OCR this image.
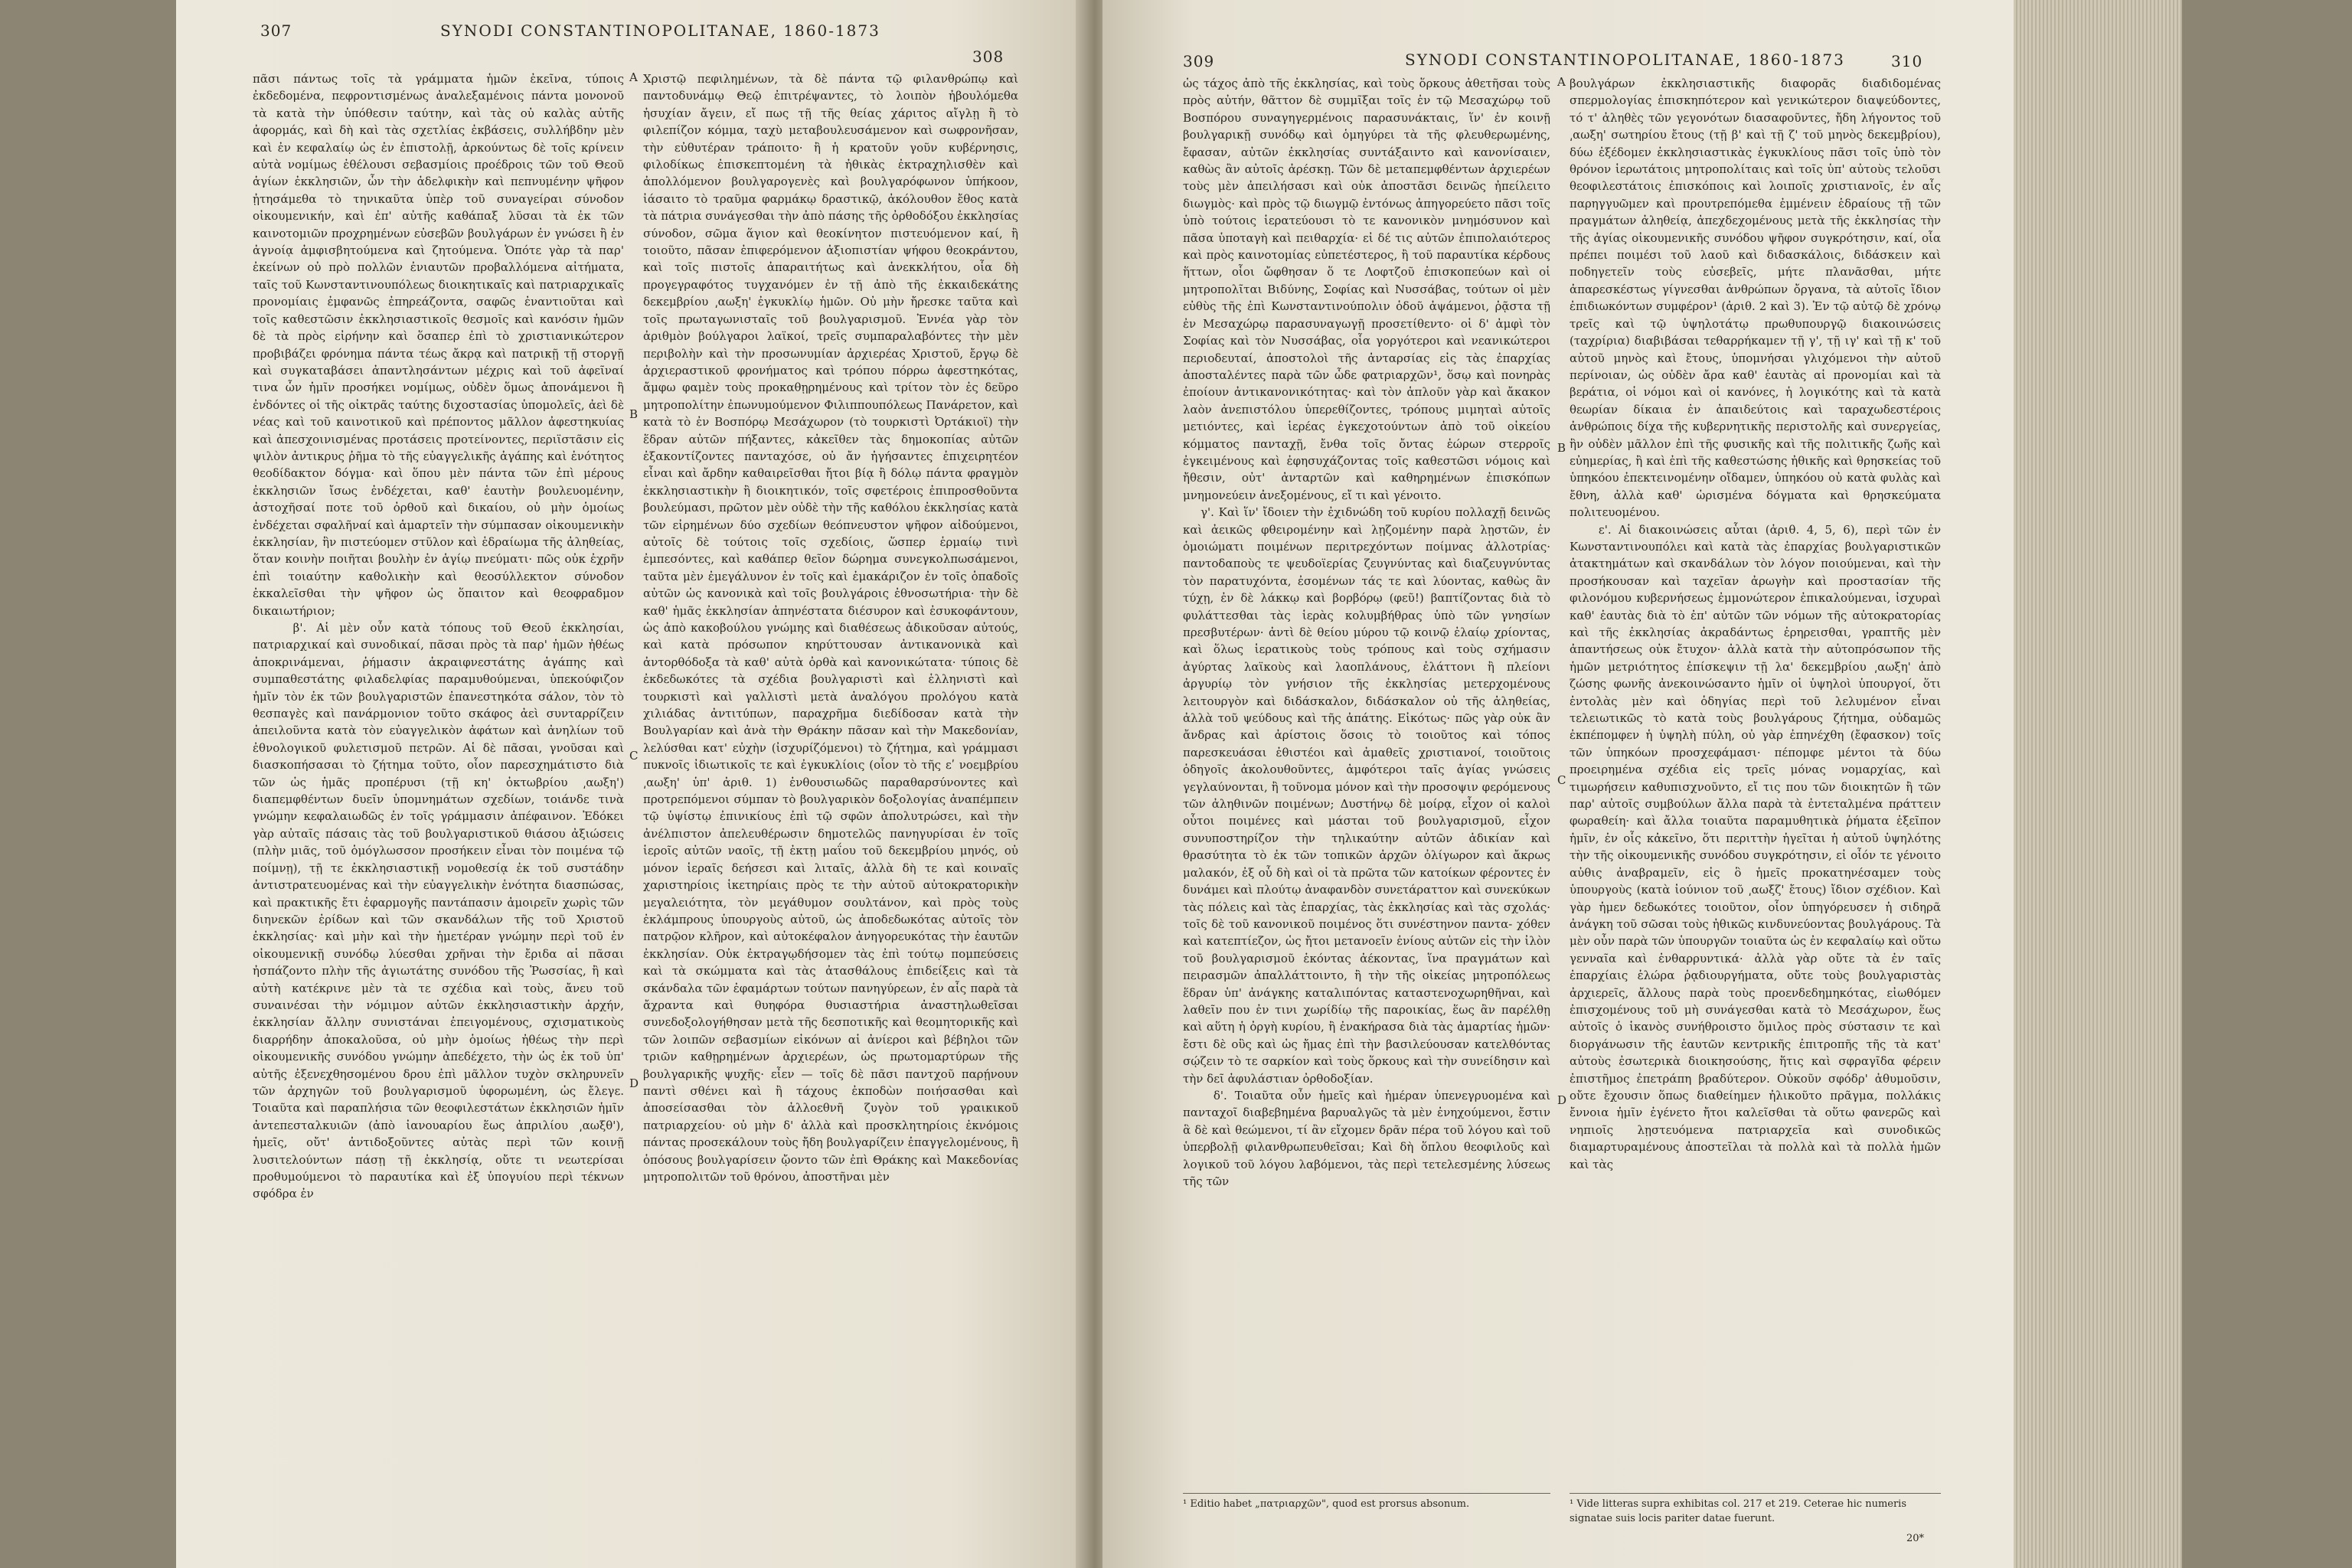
307	SYNODI CONSTANTINOPOLITANAE, 1860-1873
308
πᾶσι πάντως τοῖς τὰ γράμματα ἡμῶν ἐκεῖνα, τύποις ἐκδεδομένα, πεφροντισμένως ἀναλεξαμένοις πάντα μονονοῦ τὰ κατὰ τὴν ὑπόθεσιν ταύτην, καὶ τὰς οὐ καλὰς αὐτῆς ἀφορμάς, καὶ δὴ καὶ τὰς σχετλίας ἐκβάσεις, συλλήβδην μὲν καὶ ἐν κεφαλαίῳ ὡς ἐν ἐπιστολῇ, ἀρκούντως δὲ τοῖς κρίνειν αὐτὰ νομίμως ἐθέλουσι σεβασμίοις προέδροις τῶν τοῦ Θεοῦ ἁγίων ἐκκλησιῶν, ὧν τὴν ἀδελφικὴν καὶ πεπνυμένην ψῆφον ᾐτησάμεθα τὸ τηνικαῦτα ὑπὲρ τοῦ συναγείραι σύνοδον οἰκουμενικήν, καὶ ἐπ' αὐτῆς καθάπαξ λῦσαι τὰ ἐκ τῶν καινοτομιῶν προχρημένων εὐσεβῶν βουλγάρων ἐν γνώσει ἢ ἐν ἀγνοίᾳ ἀμφισβητούμενα καὶ ζητούμενα. Ὁπότε γὰρ τὰ παρ' ἐκείνων οὐ πρὸ πολλῶν ἐνιαυτῶν προβαλλόμενα αἰτήματα, ταῖς τοῦ Κωνσταντινουπόλεως διοικητικαῖς καὶ πατριαρχικαῖς προνομίαις ἐμφανῶς ἐπηρεάζοντα, σαφῶς ἐναντιοῦται καὶ τοῖς καθεστῶσιν ἐκκλησιαστικοῖς θεσμοῖς καὶ κανόσιν ἡμῶν δὲ τὰ πρὸς εἰρήνην καὶ ὅσαπερ ἐπὶ τὸ χριστιανικώτερον προβιβάζει φρόνημα πάντα τέως ἄκρᾳ καὶ πατρικῇ τῇ στοργῇ καὶ συγκαταβάσει ἀπαντλησάντων μέχρις καὶ τοῦ ἀφεῖναί τινα ὧν ἡμῖν προσήκει νομίμως, οὐδὲν ὅμως ἀπονάμενοι ἢ ἐνδόντες οἱ τῆς οἰκτρᾶς ταύτης διχοστασίας ὑπομολεῖς, ἀεὶ δὲ νέας καὶ τοῦ καινοτικοῦ καὶ πρέποντος μᾶλλον ἀφεστηκυίας καὶ ἀπεσχοινισμένας προτάσεις προτείνοντες, περιϊστᾶσιν εἰς ψιλὸν ἀντικρυς ῥῆμα τὸ τῆς εὐαγγελικῆς ἀγάπης καὶ ἑνότητος θεοδίδακτον δόγμα· καὶ ὅπου μὲν πάντα τῶν ἐπὶ μέρους ἐκκλησιῶν ἴσως ἐνδέχεται, καθ' ἑαυτὴν βουλευομένην, ἀστοχῆσαί ποτε τοῦ ὀρθοῦ καὶ δικαίου, οὐ μὴν ὁμοίως ἐνδέχεται σφαλῆναί καὶ ἁμαρτεῖν τὴν σύμπασαν οἰκουμενικὴν ἐκκλησίαν, ἣν πιστεύομεν στῦλον καὶ ἑδραίωμα τῆς ἀληθείας, ὅταν κοινὴν ποιῆται βουλὴν ἐν ἁγίῳ πνεύματι· πῶς οὐκ ἐχρῆν ἐπὶ τοιαύτην καθολικὴν καὶ θεοσύλλεκτον σύνοδον ἐκκαλεῖσθαι τὴν ψῆφον ὡς ὅπαιτον καὶ θεοφραδμον δικαιωτήριον;
β'. Αἱ μὲν οὖν κατὰ τόπους τοῦ Θεοῦ ἐκκλησίαι, πατριαρχικαί καὶ συνοδικαί, πᾶσαι πρὸς τὰ παρ' ἡμῶν ἠθέως ἀποκρινάμεναι, ῥήμασιν ἀκραιφνεστάτης ἀγάπης καὶ συμπαθεστάτης φιλαδελφίας παραμυθούμεναι, ὑπεκούφιζον ἡμῖν τὸν ἐκ τῶν βουλγαριστῶν ἐπανεστηκότα σάλον, τὸν τὸ θεσπαγὲς καὶ πανάρμονιον τοῦτο σκάφος ἀεὶ συνταρρίζειν ἀπειλοῦντα κατὰ τὸν εὐαγγελικὸν ἀφάτων καὶ ἀνηλίων τοῦ ἐθνολογικοῦ φυλετισμοῦ πετρῶν. Αἱ δὲ πᾶσαι, γνοῦσαι καὶ διασκοπήσασαι τὸ ζήτημα τοῦτο, οἷον παρεσχημάτιστο διὰ τῶν ὡς ἡμᾶς προπέρυσι (τῇ κη' ὀκτωβρίου ͵αωξη') διαπεμφθέντων δυεῖν ὑπομνημάτων σχεδίων, τοιάνδε τινὰ γνώμην κεφαλαιωδῶς ἐν τοῖς γράμμασιν ἀπέφαινον. Ἐδόκει γὰρ αὐταῖς πάσαις τὰς τοῦ βουλγαριστικοῦ θιάσου ἀξιώσεις (πλὴν μιᾶς, τοῦ ὁμόγλωσσον προσήκειν εἶναι τὸν ποιμένα τῷ ποίμνῃ), τῇ τε ἐκκλησιαστικῇ νομοθεσίᾳ ἐκ τοῦ συστάδην ἀντιστρατευομένας καὶ τὴν εὐαγγελικὴν ἑνότητα διασπώσας, καὶ πρακτικῆς ἔτι ἐφαρμογῆς παντάπασιν ἀμοιρεῖν χωρὶς τῶν διηνεκῶν ἐρίδων καὶ τῶν σκανδάλων τῆς τοῦ Χριστοῦ ἐκκλησίας· καὶ μὴν καὶ τὴν ἡμετέραν γνώμην περὶ τοῦ ἐν οἰκουμενικῇ συνόδῳ λύεσθαι χρῆναι τὴν ἔριδα αἱ πᾶσαι ἠσπάζοντο πλὴν τῆς ἁγιωτάτης συνόδου τῆς Ῥωσσίας, ἢ καὶ αὐτὴ κατέκρινε μὲν τὰ τε σχέδια καὶ τοὺς, ἄνευ τοῦ συναινέσαι τὴν νόμιμον αὐτῶν ἐκκλησιαστικὴν ἀρχήν, ἐκκλησίαν ἄλλην συνιστάναι ἐπειγομένους, σχισματικοὺς διαρρήδην ἀποκαλοῦσα, οὐ μὴν ὁμοίως ἠθέως τὴν περὶ οἰκουμενικῆς συνόδου γνώμην ἀπεδέχετο, τὴν ὡς ἐκ τοῦ ὑπ' αὐτῆς ἐξενεχθησομένου δρου ἐπὶ μᾶλλον τυχὸν σκληρυνεῖν τῶν ἀρχηγῶν τοῦ βουλγαρισμοῦ ὑφορωμένη, ὡς ἔλεγε. Τοιαῦτα καὶ παραπλήσια τῶν θεοφιλεστάτων ἐκκλησιῶν ἡμῖν ἀντεπεσταλκυιῶν (ἀπὸ ἰανουαρίου ἕως ἀπριλίου ͵αωξθ'), ἡμεῖς, οὔτ' ἀντιδοξοῦντες αὐτὰς περὶ τῶν κοινῇ λυσιτελούντων πάσῃ τῇ ἐκκλησίᾳ, οὔτε τι νεωτερίσαι προθυμούμενοι τὸ παραυτίκα καὶ ἐξ ὑπογυίου περὶ τέκνων σφόδρα ἐν
Χριστῷ πεφιλημένων, τὰ δὲ πάντα τῷ φιλανθρώπῳ καὶ παντοδυνάμῳ Θεῷ ἐπιτρέψαντες, τὸ λοιπὸν ἠβουλόμεθα ἡσυχίαν ἄγειν, εἴ πως τῇ τῆς θείας χάριτος αἴγλῃ ἢ τὸ φιλεπίζον κόμμα, ταχὺ μεταβουλευσάμενον καὶ σωφρονῆσαν, τὴν εὐθυτέραν τράποιτο· ἢ ἡ κρατοῦν γοῦν κυβέρνησις, φιλοδίκως ἐπισκεπτομένη τὰ ἠθικὰς ἐκτραχηλισθὲν καὶ ἀπολλόμενον βουλγαρογενὲς καὶ βουλγαρόφωνον ὑπήκοον, ἰάσαιτο τὸ τραῦμα φαρμάκῳ δραστικῷ, ἀκόλουθον ἔθος κατὰ τὰ πάτρια συνάγεσθαι τὴν ἀπὸ πάσης τῆς ὀρθοδόξου ἐκκλησίας σύνοδον, σῶμα ἅγιον καὶ θεοκίνητον πιστευόμενον καί, ἢ τοιοῦτο, πᾶσαν ἐπιφερόμενον ἀξιοπιστίαν ψήφου θεοκράντου, καὶ τοῖς πιστοῖς ἀπαραιτήτως καὶ ἀνεκκλήτου, οἷα δὴ προγεγραφότος τυγχανόμεν ἐν τῇ ἀπὸ τῆς ἐκκαιδεκάτης δεκεμβρίου ͵αωξη' ἐγκυκλίῳ ἡμῶν. Οὐ μὴν ἤρεσκε ταῦτα καὶ τοῖς πρωταγωνισταῖς τοῦ βουλγαρισμοῦ. Ἐννέα γὰρ τὸν ἀριθμὸν βούλγαροι λαϊκοί, τρεῖς συμπαραλαβόντες τὴν μὲν περιβολὴν καὶ τὴν προσωνυμίαν ἀρχιερέας Χριστοῦ, ἔργῳ δὲ ἀρχιεραστικοῦ φρονήματος καὶ τρόπου πόρρω ἀφεστηκότας, ἄμφω φαμὲν τοὺς προκαθῃρημένους καὶ τρίτον τὸν ἐς δεῦρο μητροπολίτην ἐπωνυμούμενον Φιλιππουπόλεως Πανάρετον, καὶ κατὰ τὸ ἐν Βοσπόρῳ Μεσάχωρον (τὸ τουρκιστὶ Ὀρτάκιοϊ) τὴν ἕδραν αὐτῶν πήξαντες, κἀκεῖθεν τὰς δημοκοπίας αὐτῶν ἐξακοντίζοντες πανταχόσε, οὐ ἄν ἠγήσαντες ἐπιχειρητέον εἶναι καὶ ἄρδην καθαιρεῖσθαι ἤτοι βίᾳ ἢ δόλῳ πάντα φραγμὸν ἐκκλησιαστικὴν ἢ διοικητικόν, τοῖς σφετέροις ἐπιπροσθοῦντα βουλεύμασι, πρῶτον μὲν οὐδὲ τὴν τῆς καθόλου ἐκκλησίας κατὰ τῶν εἰρημένων δύο σχεδίων θεόπνευστον ψῆφον αἰδούμενοι, αὐτοῖς δὲ τούτοις τοῖς σχεδίοις, ὥσπερ ἑρμαίῳ τινὶ ἐμπεσόντες, καὶ καθάπερ θεῖον δώρημα συνεγκολπωσάμενοι, ταῦτα μὲν ἐμεγάλυνον ἐν τοῖς καὶ ἐμακάριζον ἐν τοῖς ὁπαδοῖς αὐτῶν ὡς κανονικὰ καὶ τοῖς βουλγάροις ἐθνοσωτήρια· τὴν δὲ καθ' ἡμᾶς ἐκκλησίαν ἀπηνέστατα διέσυρον καὶ ἐσυκοφάντουν, ὡς ἀπὸ κακοβούλου γνώμης καὶ διαθέσεως ἀδικοῦσαν αὐτούς, καὶ κατὰ πρόσωπον κηρύττουσαν ἀντικανονικὰ καὶ ἀντορθόδοξα τὰ καθ' αὐτὰ ὀρθὰ καὶ κανονικώτατα· τύποις δὲ ἐκδεδωκότες τὰ σχέδια βουλγαριστὶ καὶ ἑλληνιστὶ καὶ τουρκιστὶ καὶ γαλλιστὶ μετὰ ἀναλόγου προλόγου κατὰ χιλιάδας ἀντιτύπων, παραχρῆμα διεδίδοσαν κατὰ τὴν Βουλγαρίαν καὶ ἀνὰ τὴν Θράκην πᾶσαν καὶ τὴν Μακεδονίαν, λελύσθαι κατ' εὐχὴν (ἰσχυρίζόμενοι) τὸ ζήτημα, καὶ γράμμασι πυκνοῖς ἰδιωτικοῖς τε καὶ ἐγκυκλίοις (οἷον τὸ τῆς εʹ νοεμβρίου ͵αωξη' ὑπ' ἀριθ. 1) ἐνθουσιωδῶς παραθαρσύνοντες καὶ προτρεπόμενοι σύμπαν τὸ βουλγαρικὸν δοξολογίας ἀναπέμπειν τῷ ὑψίστῳ ἐπινικίους ἐπὶ τῷ σφῶν ἀπολυτρώσει, καὶ τὴν ἀνέλπιστον ἀπελευθέρωσιν δημοτελῶς πανηγυρίσαι ἐν τοῖς ἱεροῖς αὐτῶν ναοῖς, τῇ ἐκτῃ μαΐου τοῦ δεκεμβρίου μηνός, οὐ μόνον ἱεραῖς δεήσεσι καὶ λιταῖς, ἀλλὰ δὴ τε καὶ κοιναῖς χαριστηρίοις ἱκετηρίαις πρὸς τε τὴν αὐτοῦ αὐτοκρατορικὴν μεγαλειότητα, τὸν μεγάθυμον σουλτάνον, καὶ πρὸς τοὺς ἐκλάμπρους ὑπουργοὺς αὐτοῦ, ὡς ἀποδεδωκότας αὐτοῖς τὸν πατρῷον κλῆρον, καὶ αὐτοκέφαλον ἀνηγορευκότας τὴν ἑαυτῶν ἐκκλησίαν. Οὐκ ἐκτραγῳδήσομεν τὰς ἐπὶ τούτῳ πομπεύσεις καὶ τὰ σκώμματα καὶ τὰς ἀτασθάλους ἐπιδείξεις καὶ τὰ σκάνδαλα τῶν ἐφαμάρτων τούτων πανηγύρεων, ἐν αἷς παρὰ τὰ ἄχραντα καὶ θυηφόρα θυσιαστήρια ἀναστηλωθεῖσαι συνεδοξολογήθησαν μετὰ τῆς δεσποτικῆς καὶ θεομητορικῆς καὶ τῶν λοιπῶν σεβασμίων εἰκόνων αἱ ἀνίεροι καὶ βέβηλοι τῶν τριῶν καθῃρημένων ἀρχιερέων, ὡς πρωτομαρτύρων τῆς βουλγαρικῆς ψυχῆς· εἶεν — τοῖς δὲ πᾶσι παντχοῦ παρῄνουν παντὶ σθένει καὶ ἢ τάχους ἐκποδὼν ποιήσασθαι καὶ ἀποσείσασθαι τὸν ἀλλοεθνῆ ζυγὸν τοῦ γραικικοῦ πατριαρχείου· οὐ μὴν δ' ἀλλὰ καὶ προσκλητηρίοις ἐκνόμοις πάντας προσεκάλουν τοὺς ἤδη βουλγαρίζειν ἐπαγγελομένους, ἢ ὁπόσους βουλγαρίσειν ᾤοντο τῶν ἐπὶ Θράκης καὶ Μακεδονίας μητροπολιτῶν τοῦ θρόνου, ἀποστῆναι μὲν
A
B
C
D
309	SYNODI CONSTANTINOPOLITANAE, 1860-1873	310
ὡς τάχος ἀπὸ τῆς ἐκκλησίας, καὶ τοὺς ὅρκους ἀθετῆσαι τοὺς πρὸς αὐτήν, θᾶττον δὲ συμμῖξαι τοῖς ἐν τῷ Μεσαχώρῳ τοῦ Βοσπόρου συναγηγερμένοις παρασυνάκταις, ἵν' ἐν κοινῇ βουλγαρικῇ συνόδῳ καὶ ὁμηγύρει τὰ τῆς φλευθερωμένης, ἔφασαν, αὐτῶν ἐκκλησίας συντάξαιντο καὶ κανονίσαιεν, καθὼς ἂν αὐτοῖς ἀρέσκῃ. Τῶν δὲ μεταπεμφθέντων ἀρχιερέων τοὺς μὲν ἀπειλήσασι καὶ οὐκ ἀποστᾶσι δεινῶς ἠπείλειτο διωγμὸς· καὶ πρὸς τῷ διωγμῷ ἐντόνως ἀπηγορεύετο πᾶσι τοῖς ὑπὸ τούτοις ἱερατεύουσι τὸ τε κανονικὸν μνημόσυνον καὶ πᾶσα ὑποταγὴ καὶ πειθαρχία· εἰ δέ τις αὐτῶν ἐπιπολαιότερος καὶ πρὸς καινοτομίας εὐπετέστερος, ἢ τοῦ παραυτίκα κέρδους ἥττων, οἷοι ὤφθησαν ὅ τε Λοφτζοῦ ἐπισκοπεύων καὶ οἱ μητροπολῖται Βιδύνης, Σοφίας καὶ Νυσσάβας, τούτων οἱ μὲν εὐθὺς τῆς ἐπὶ Κωνσταντινούπολιν ὁδοῦ ἀψάμενοι, ῥᾷστα τῇ ἐν Μεσαχώρῳ παρασυναγωγῇ προσετίθεντο· οἱ δ' ἀμφὶ τὸν Σοφίας καὶ τὸν Νυσσάβας, οἷα γοργότεροι καὶ νεανικώτεροι περιοδευταί, ἀποστολοὶ τῆς ἀνταρσίας εἰς τὰς ἐπαρχίας ἀποσταλέντες παρὰ τῶν ὧδε φατριαρχῶν¹, ὅσῳ καὶ πονηρὰς ἐποίουν ἀντικανονικότητας· καὶ τὸν ἁπλοῦν γὰρ καὶ ἄκακον λαὸν ἀνεπιστόλου ὑπερεθίζοντες, τρόπους μιμηταὶ αὐτοῖς μετιόντες, καὶ ἱερέας ἐγκεχοτούντων ἀπὸ τοῦ οἰκείου κόμματος πανταχῇ, ἔνθα τοῖς ὄντας ἑώρων στερροῖς ἐγκειμένους καὶ ἐφησυχάζοντας τοῖς καθεστῶσι νόμοις καὶ ἤθεσιν, οὐτ' ἀνταρτῶν καὶ καθηρημένων ἐπισκόπων μνημονεύειν ἀνεξομένους, εἴ τι καὶ γένοιτο.
γ'. Καὶ ἵν' ἴδοιεν τὴν ἐχιδνώδη τοῦ κυρίου πολλαχῇ δεινῶς καὶ ἀεικῶς φθειρομένην καὶ λῃζομένην παρὰ λῃστῶν, ἐν ὁμοιώματι ποιμένων περιτρεχόντων ποίμνας ἀλλοτρίας· παντοδαποὺς τε ψευδοϊερίας ζευγνύντας καὶ διαζευγνύντας τὸν παρατυχόντα, ἐσομένων τάς τε καὶ λύοντας, καθὼς ἂν τύχῃ, ἐν δὲ λάκκῳ καὶ βορβόρῳ (φεῦ!) βαπτίζοντας διὰ τὸ φυλάττεσθαι τὰς ἱερὰς κολυμβήθρας ὑπὸ τῶν γνησίων πρεσβυτέρων· ἀντὶ δὲ θείου μύρου τῷ κοινῷ ἐλαίῳ χρίοντας, καὶ ὅλως ἱερατικοὺς τοὺς τρόπους καὶ τοὺς σχήμασιν ἀγύρτας λαϊκοὺς καὶ λαοπλάνους, ἐλάττονι ἢ πλείονι ἀργυρίῳ τὸν γνήσιον τῆς ἐκκλησίας μετερχομένους λειτουργὸν καὶ διδάσκαλον, διδάσκαλον οὐ τῆς ἀληθείας, ἀλλὰ τοῦ ψεύδους καὶ τῆς ἀπάτης. Εἰκότως· πῶς γὰρ οὐκ ἂν ἄνδρας καὶ ἀρίστοις ὅσοις τὸ τοιοῦτος καὶ τόπος παρεσκευάσαι ἐθιστέοι καὶ ἀμαθεῖς χριστιανοί, τοιοῦτοις ὁδηγοῖς ἀκολουθοῦντες, ἀμφότεροι ταῖς ἁγίας γνώσεις γεγλαύνονται, ἢ τοῦνομα μόνον καὶ τὴν προσοψιν φερόμενους τῶν ἀληθινῶν ποιμένων; Δυστήνῳ δὲ μοίρᾳ, εἶχον οἱ καλοὶ οὗτοι ποιμένες καὶ μάσται τοῦ βουλγαρισμοῦ, εἶχον συνυποστηρίζον τὴν τηλικαύτην αὐτῶν ἀδικίαν καὶ θρασύτητα τὸ ἐκ τῶν τοπικῶν ἀρχῶν ὀλίγωρον καὶ ἄκρως μαλακόν, ἐξ οὗ δὴ καὶ οἱ τὰ πρῶτα τῶν κατοίκων φέροντες ἐν δυνάμει καὶ πλούτῳ ἀναφανδὸν συνετάραττον καὶ συνεκύκων τὰς πόλεις καὶ τὰς ἐπαρχίας, τὰς ἐκκλησίας καὶ τὰς σχολάς· τοῖς δὲ τοῦ κανονικοῦ ποιμένος ὅτι συνέστηνον παντα- χόθεν καὶ κατεπτίεζον, ὡς ἤτοι μετανοεῖν ἐνίους αὐτῶν εἰς τὴν ἰλὸν τοῦ βουλγαρισμοῦ ἑκόντας ἀέκοντας, ἵνα πραγμάτων καὶ πειρασμῶν ἀπαλλάττοιντο, ἢ τὴν τῆς οἰκείας μητροπόλεως ἕδραν ὑπ' ἀνάγκης καταλιπόντας καταστενοχωρηθῆναι, καὶ λαθεῖν που ἐν τινι χωρίδίῳ τῆς παροικίας, ἕως ἂν παρέλθῃ καὶ αὕτη ἡ ὀργὴ κυρίου, ἢ ἐνακήρασα διὰ τὰς ἁμαρτίας ἡμῶν· ἔστι δὲ οὓς καὶ ὡς ἤμας ἐπὶ τὴν βασιλεύουσαν κατελθόντας σῴζειν τὸ τε σαρκίον καὶ τοὺς ὅρκους καὶ τὴν συνείδησιν καὶ τὴν δεῖ ἀφυλάστιαν ὀρθοδοξίαν.
δ'. Τοιαῦτα οὖν ἡμεῖς καὶ ἡμέραν ὑπενεγρυομένα καὶ πανταχοῖ διαβεβημένα βαρυαλγῶς τὰ μὲν ἐνηχούμενοι, ἔστιν ἃ δὲ καὶ θεώμενοι, τί ἂν εἴχομεν δρᾶν πέρα τοῦ λόγου καὶ τοῦ ὑπερβολῇ φιλανθρωπευθεῖσαι; Καὶ δὴ ὅπλου θεοφιλοῦς καὶ λογικοῦ τοῦ λόγου λαβόμενοι, τὰς περὶ τετελεσμένης λύσεως τῆς τῶν
βουλγάρων ἐκκλησιαστικῆς διαφορᾶς διαδιδομένας σπερμολογίας ἐπισκηπότερον καὶ γενικώτερον διαψεύδοντες, τό τ' ἀληθὲς τῶν γεγονότων διασαφοῦντες, ἤδη λήγοντος τοῦ ͵αωξη' σωτηρίου ἔτους (τῇ β' καὶ τῇ ζ' τοῦ μηνὸς δεκεμβρίου), δύω ἐξέδομεν ἐκκλησιαστικὰς ἐγκυκλίους πᾶσι τοῖς ὑπὸ τὸν θρόνον ἱερωτάτοις μητροπολίταις καὶ τοῖς ὑπ' αὐτοὺς τελοῦσι θεοφιλεστάτοις ἐπισκόποις καὶ λοιποῖς χριστιανοῖς, ἐν αἷς παρηγγυῶμεν καὶ προυτρεπόμεθα ἐμμένειν ἑδραίους τῇ τῶν πραγμάτων ἀληθείᾳ, ἀπεχδεχομένους μετὰ τῆς ἐκκλησίας τὴν τῆς ἁγίας οἰκουμενικῆς συνόδου ψῆφον συγκρότησιν, καί, οἷα πρέπει ποιμέσι τοῦ λαοῦ καὶ διδασκάλοις, διδάσκειν καὶ ποδηγετεῖν τοὺς εὐσεβεῖς, μήτε πλανᾶσθαι, μήτε ἀπαρεσκέστως γίγνεσθαι ἀνθρώπων ὄργανα, τὰ αὐτοῖς ἴδιον ἐπιδιωκόντων συμφέρον¹ (ἀριθ. 2 καὶ 3). Ἐν τῷ αὐτῷ δὲ χρόνῳ τρεῖς καὶ τῷ ὑψηλοτάτῳ πρωθυπουργῷ διακοινώσεις (ταχρίρια) διαβιβάσαι τεθαρρήκαμεν τῇ γ', τῇ ιγ' καὶ τῇ κ' τοῦ αὐτοῦ μηνὸς καὶ ἔτους, ὑπομνήσαι γλιχόμενοι τὴν αὐτοῦ περίνοιαν, ὡς οὐδὲν ἄρα καθ' ἑαυτὰς αἱ προνομίαι καὶ τὰ βεράτια, οἱ νόμοι καὶ οἱ κανόνες, ἡ λογικότης καὶ τὰ κατὰ θεωρίαν δίκαια ἐν ἀπαιδεύτοις καὶ ταραχωδεστέροις ἀνθρώποις δίχα τῆς κυβερνητικῆς περιστολῆς καὶ συνεργείας, ἣν οὐδὲν μᾶλλον ἐπὶ τῆς φυσικῆς καὶ τῆς πολιτικῆς ζωῆς καὶ εὐημερίας, ἢ καὶ ἐπὶ τῆς καθεστώσης ἠθικῆς καὶ θρησκείας τοῦ ὑπηκόου ἐπεκτεινομένην οἴδαμεν, ὑπηκόου οὐ κατὰ φυλὰς καὶ ἔθνη, ἀλλὰ καθ' ὡρισμένα δόγματα καὶ θρησκεύματα πολιτευομένου.
ε'. Αἱ διακοινώσεις αὗται (ἀριθ. 4, 5, 6), περὶ τῶν ἐν Κωνσταντινουπόλει καὶ κατὰ τὰς ἐπαρχίας βουλγαριστικῶν ἀτακτημάτων καὶ σκανδάλων τὸν λόγον ποιούμεναι, καὶ τὴν προσήκουσαν καὶ ταχεῖαν ἀρωγὴν καὶ προστασίαν τῆς φιλονόμου κυβερνήσεως ἐμμονώτερον ἐπικαλούμεναι, ἰσχυραὶ καθ' ἑαυτὰς διὰ τὸ ἐπ' αὐτῶν τῶν νόμων τῆς αὐτοκρατορίας καὶ τῆς ἐκκλησίας ἀκραδάντως ἐρηρεισθαι, γραπτῆς μὲν ἀπαντήσεως οὐκ ἔτυχον· ἀλλὰ κατὰ τὴν αὐτοπρόσωπον τῆς ἡμῶν μετριότητος ἐπίσκεψιν τῇ λα' δεκεμβρίου ͵αωξη' ἀπὸ ζώσης φωνῆς ἀνεκοινώσαντο ἡμῖν οἱ ὑψηλοὶ ὑπουργοί, ὅτι ἐντολὰς μὲν καὶ ὁδηγίας περὶ τοῦ λελυμένον εἶναι τελειωτικῶς τὸ κατὰ τοὺς βουλγάρους ζήτημα, οὐδαμῶς ἐκπέπομφεν ἡ ὑψηλὴ πύλη, οὐ γὰρ ἐπηνέχθη (ἔφασκον) τοῖς τῶν ὑπηκόων προσχεφάμασι· πέπομφε μέντοι τὰ δύω προειρημένα σχέδια εἰς τρεῖς μόνας νομαρχίας, καὶ τιμωρήσειν καθυπισχνοῦντο, εἴ τις που τῶν διοικητῶν ἢ τῶν παρ' αὐτοῖς συμβούλων ἄλλα παρὰ τὰ ἐντεταλμένα πράττειν φωραθείη· καὶ ἄλλα τοιαῦτα παραμυθητικὰ ῥήματα ἐξεῖπον ἡμῖν, ἐν οἷς κἀκεῖνο, ὅτι περιττὴν ἡγεῖται ἡ αὐτοῦ ὑψηλότης τὴν τῆς οἰκουμενικῆς συνόδου συγκρότησιν, εἰ οἷόν τε γένοιτο αὐθις ἀναβραμεῖν, εἰς ὃ ἡμεῖς προκατηνέσαμεν τοὺς ὑπουργοὺς (κατὰ ἰούνιον τοῦ ͵αωξζ' ἔτους) ἴδιον σχέδιον. Καὶ γὰρ ἡμεν δεδωκότες τοιοῦτον, οἷον ὑπηγόρευσεν ἡ σιδηρᾶ ἀνάγκη τοῦ σῶσαι τοὺς ἠθικῶς κινδυνεύοντας βουλγάρους. Τὰ μὲν οὖν παρὰ τῶν ὑπουργῶν τοιαῦτα ὡς ἐν κεφαλαίῳ καὶ οὕτω γενναῖα καὶ ἐνθαρρυντικά· ἀλλὰ γὰρ οὔτε τὰ ἐν ταῖς ἐπαρχίαις ἑλώρα ῥᾳδιουργήματα, οὔτε τοὺς βουλγαριστὰς ἀρχιερεῖς, ἄλλους παρὰ τοὺς προενδεδημηκότας, εἰωθόμεν ἐπισχομένους τοῦ μὴ συνάγεσθαι κατὰ τὸ Μεσάχωρον, ἕως αὐτοῖς ὁ ἱκανὸς συνήθροιστο ὅμιλος πρὸς σύστασιν τε καὶ διοργάνωσιν τῆς ἑαυτῶν κεντρικῆς ἐπιτροπῆς τῆς τὰ κατ' αὐτοὺς ἐσωτερικὰ διοικησούσης, ἥτις καὶ σφραγῖδα φέρειν ἐπιστῆμος ἐπετράπη βραδύτερον. Οὐκοῦν σφόδρ' ἀθυμοῦσιν, οὔτε ἔχουσιν ὅπως διαθείημεν ἠλικοῦτο πρᾶγμα, πολλάκις ἔννοια ἡμῖν ἐγένετο ἤτοι καλεῖσθαι τὰ οὕτω φανερῶς καὶ νηπιοῖς λῃστευόμενα πατριαρχεῖα καὶ συνοδικῶς διαμαρτυραμένους ἀποστεῖλαι τὰ πολλὰ καὶ τὰ πολλὰ ἡμῶν καὶ τὰς
A
B
C
D
¹ Editio habet „πατριαρχῶν", quod est prorsus absonum.	¹ Vide litteras supra exhibitas col. 217 et 219. Ceterae hic numeris signatae suis locis pariter datae fuerunt.
20*
